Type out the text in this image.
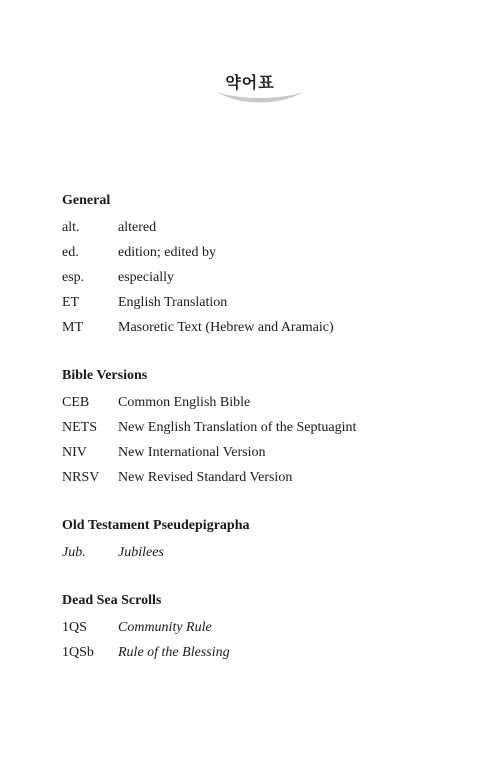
약어표
General
alt.	altered
ed.	edition; edited by
esp. especially
ET	English Translation
MT	Masoretic Text (Hebrew and Aramaic)
Bible Versions
CEB Common English Bible
NETS New English Translation of the Septuagint
NIV New International Version
NRSV New Revised Standard Version
Old Testament Pseudepigrapha
Jub. Jubilees
Dead Sea Scrolls
1QS Community Rule
1QSb Rule of the Blessing
